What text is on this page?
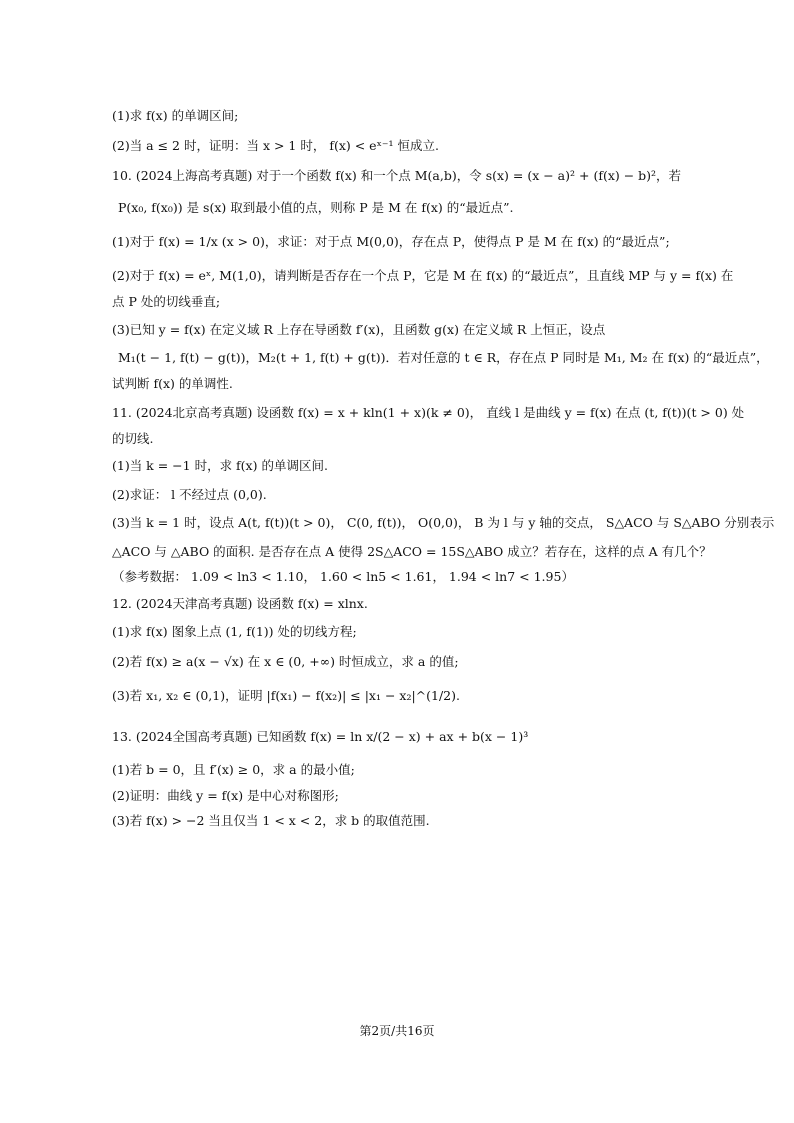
(1)求 f(x) 的单调区间;
(2)当 a ≤ 2 时，证明：当 x > 1 时， f(x) < eˣ⁻¹ 恒成立.
10. (2024上海高考真题) 对于一个函数 f(x) 和一个点 M(a,b)，令 s(x) = (x − a)² + (f(x) − b)²，若
P(x₀, f(x₀)) 是 s(x) 取到最小值的点，则称 P 是 M 在 f(x) 的“最近点”.
(1)对于 f(x) = 1/x (x > 0)，求证：对于点 M(0,0)，存在点 P，使得点 P 是 M 在 f(x) 的“最近点”;
(2)对于 f(x) = eˣ, M(1,0)，请判断是否存在一个点 P，它是 M 在 f(x) 的“最近点”，且直线 MP 与 y = f(x) 在
点 P 处的切线垂直;
(3)已知 y = f(x) 在定义域 R 上存在导函数 f′(x)，且函数 g(x) 在定义域 R 上恒正，设点
M₁(t − 1, f(t) − g(t))，M₂(t + 1, f(t) + g(t))．若对任意的 t ∈ R，存在点 P 同时是 M₁, M₂ 在 f(x) 的“最近点”，
试判断 f(x) 的单调性.
11. (2024北京高考真题) 设函数 f(x) = x + kln(1 + x)(k ≠ 0)， 直线 l 是曲线 y = f(x) 在点 (t, f(t))(t > 0) 处
的切线.
(1)当 k = −1 时，求 f(x) 的单调区间.
(2)求证： l 不经过点 (0,0).
(3)当 k = 1 时，设点 A(t, f(t))(t > 0)， C(0, f(t))， O(0,0)， B 为 l 与 y 轴的交点， S△ACO 与 S△ABO 分别表示
△ACO 与 △ABO 的面积. 是否存在点 A 使得 2S△ACO = 15S△ABO 成立？若存在，这样的点 A 有几个？
（参考数据： 1.09 < ln3 < 1.10， 1.60 < ln5 < 1.61， 1.94 < ln7 < 1.95）
12. (2024天津高考真题) 设函数 f(x) = xlnx.
(1)求 f(x) 图象上点 (1, f(1)) 处的切线方程;
(2)若 f(x) ≥ a(x − √x) 在 x ∈ (0, +∞) 时恒成立，求 a 的值;
(3)若 x₁, x₂ ∈ (0,1)，证明 |f(x₁) − f(x₂)| ≤ |x₁ − x₂|^(1/2).
13. (2024全国高考真题) 已知函数 f(x) = ln x/(2 − x) + ax + b(x − 1)³
(1)若 b = 0，且 f′(x) ≥ 0，求 a 的最小值;
(2)证明：曲线 y = f(x) 是中心对称图形;
(3)若 f(x) > −2 当且仅当 1 < x < 2，求 b 的取值范围.
第2页/共16页
